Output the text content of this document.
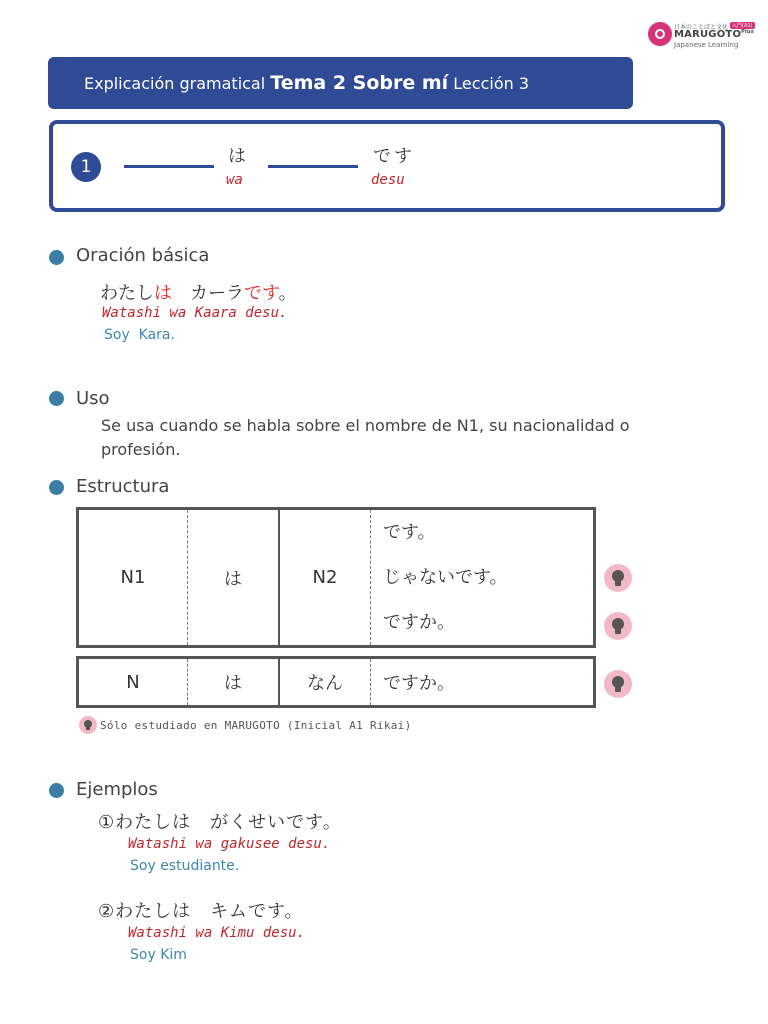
日本のことばと文化 入門(A1)
$MARUGOTO^{Plus}$
Japanese Learning
Explicación gramatical Tema 2 Sobre mí Lección 3
1	は
wa
です
desu
Oración básica
わたしは　カーラです。
Watashi wa Kaara desu.
Soy  Kara.
Uso
Se usa cuando se habla sobre el nombre de N1, su nacionalidad o profesión.
Estructura
N1	は	N2	
です。
じゃないです。
ですか。
N	は	なん	ですか。
Sólo estudiado en MARUGOTO (Inicial A1 Rikai)
Ejemplos
①わたしは　がくせいです。
Watashi wa gakusee desu.
Soy estudiante.
②わたしは　キムです。
Watashi wa Kimu desu.
Soy Kim
